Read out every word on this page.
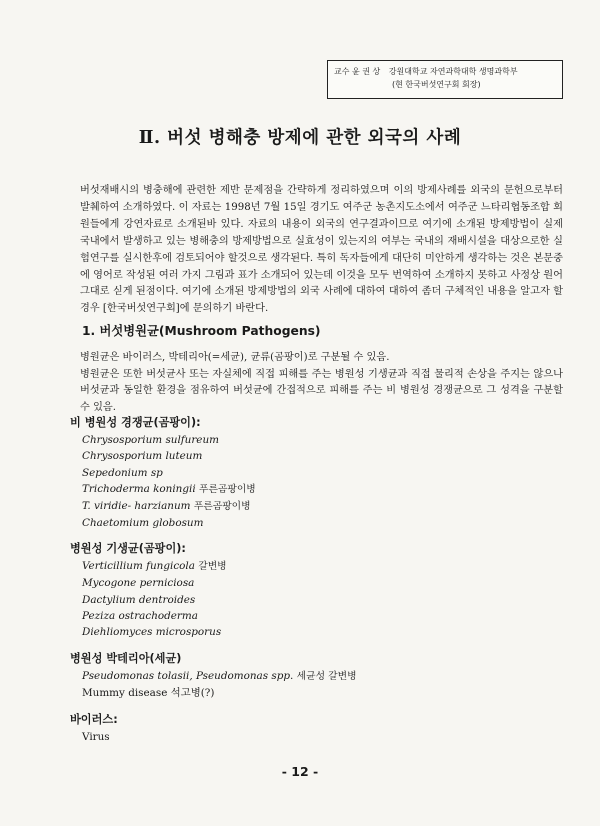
교수 윤 권 상 강원대학교 자연과학대학 생명과학부
(현 한국버섯연구회 회장)
Ⅱ. 버섯 병해충 방제에 관한 외국의 사례

버섯재배시의 병충해에 관련한 제반 문제점을 간략하게 정리하였으며 이의 방제사례를 외국의 문헌으로부터 발췌하여 소개하였다. 이 자료는 1998년 7월 15일 경기도 여주군 농촌지도소에서 여주군 느타리협동조합 회원들에게 강연자료로 소개된바 있다. 자료의 내용이 외국의 연구결과이므로 여기에 소개된 방제방법이 실제 국내에서 발생하고 있는 병해충의 방제방법으로 실효성이 있는지의 여부는 국내의 재배시설을 대상으로한 실험연구를 실시한후에 검토되어야 할것으로 생각된다. 특히 독자들에게 대단히 미안하게 생각하는 것은 본문중에 영어로 작성된 여러 가지 그림과 표가 소개되어 있는데 이것을 모두 번역하여 소개하지 못하고 사정상 원어 그대로 싣게 된점이다. 여기에 소개된 방제방법의 외국 사례에 대하여 대하여 좀더 구체적인 내용을 알고자 할 경우 [한국버섯연구회]에 문의하기 바란다.

1. 버섯병원균(Mushroom Pathogens)

병원균은 바이러스, 박테리아(=세균), 균류(곰팡이)로 구분될 수 있음.

병원균은 또한 버섯균사 또는 자실체에 직접 피해를 주는 병원성 기생균과 직접 물리적 손상을 주지는 않으나 버섯균과 동일한 환경을 점유하여 버섯균에 간접적으로 피해를 주는 비 병원성 경쟁균으로 그 성격을 구분할 수 있음.

비 병원성 경쟁균(곰팡이):
Chrysosporium sulfureum
Chrysosporium luteum
Sepedonium sp
Trichoderma koningii 푸른곰팡이병
T. viridie- harzianum 푸른곰팡이병
Chaetomium globosum
병원성 기생균(곰팡이):
Verticillium fungicola 갈변병
Mycogone perniciosa
Dactylium dentroides
Peziza ostrachoderma
Diehliomyces microsporus
병원성 박테리아(세균)
Pseudomonas tolasii, Pseudomonas spp. 세균성 갈변병
Mummy disease 석고병(?)
바이러스:
Virus
- 12 -
